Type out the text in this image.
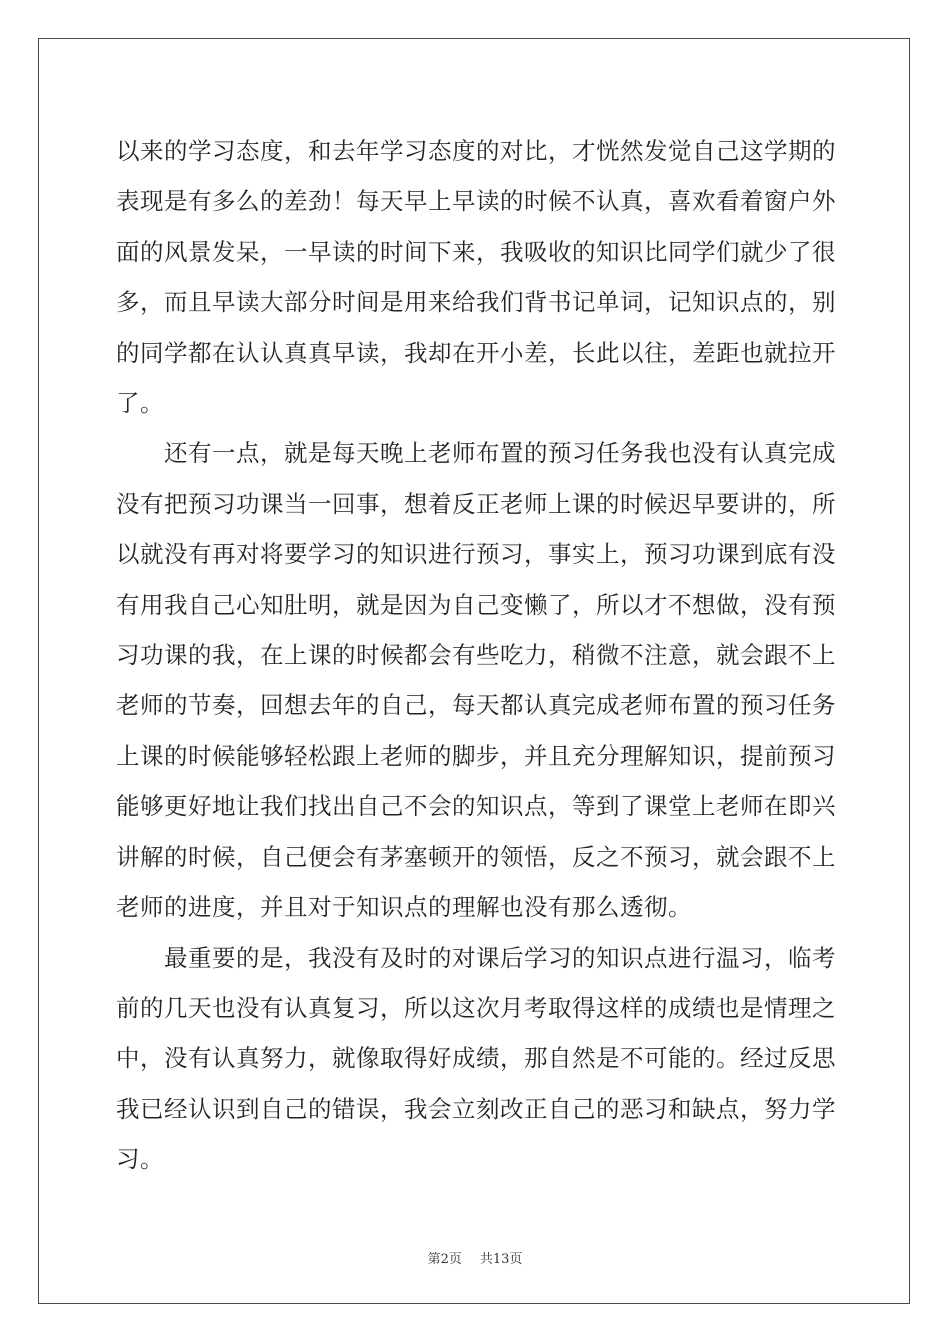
以来的学习态度，和去年学习态度的对比，才恍然发觉自己这学期的表现是有多么的差劲！每天早上早读的时候不认真，喜欢看着窗户外面的风景发呆，一早读的时间下来，我吸收的知识比同学们就少了很多，而且早读大部分时间是用来给我们背书记单词，记知识点的，别的同学都在认认真真早读，我却在开小差，长此以往，差距也就拉开了。

还有一点，就是每天晚上老师布置的预习任务我也没有认真完成没有把预习功课当一回事，想着反正老师上课的时候迟早要讲的，所以就没有再对将要学习的知识进行预习，事实上，预习功课到底有没有用我自己心知肚明，就是因为自己变懒了，所以才不想做，没有预习功课的我，在上课的时候都会有些吃力，稍微不注意，就会跟不上老师的节奏，回想去年的自己，每天都认真完成老师布置的预习任务上课的时候能够轻松跟上老师的脚步，并且充分理解知识，提前预习能够更好地让我们找出自己不会的知识点，等到了课堂上老师在即兴讲解的时候，自己便会有茅塞顿开的领悟，反之不预习，就会跟不上老师的进度，并且对于知识点的理解也没有那么透彻。

最重要的是，我没有及时的对课后学习的知识点进行温习，临考前的几天也没有认真复习，所以这次月考取得这样的成绩也是情理之中，没有认真努力，就像取得好成绩，那自然是不可能的。经过反思我已经认识到自己的错误，我会立刻改正自己的恶习和缺点，努力学习。

第2页 共13页
